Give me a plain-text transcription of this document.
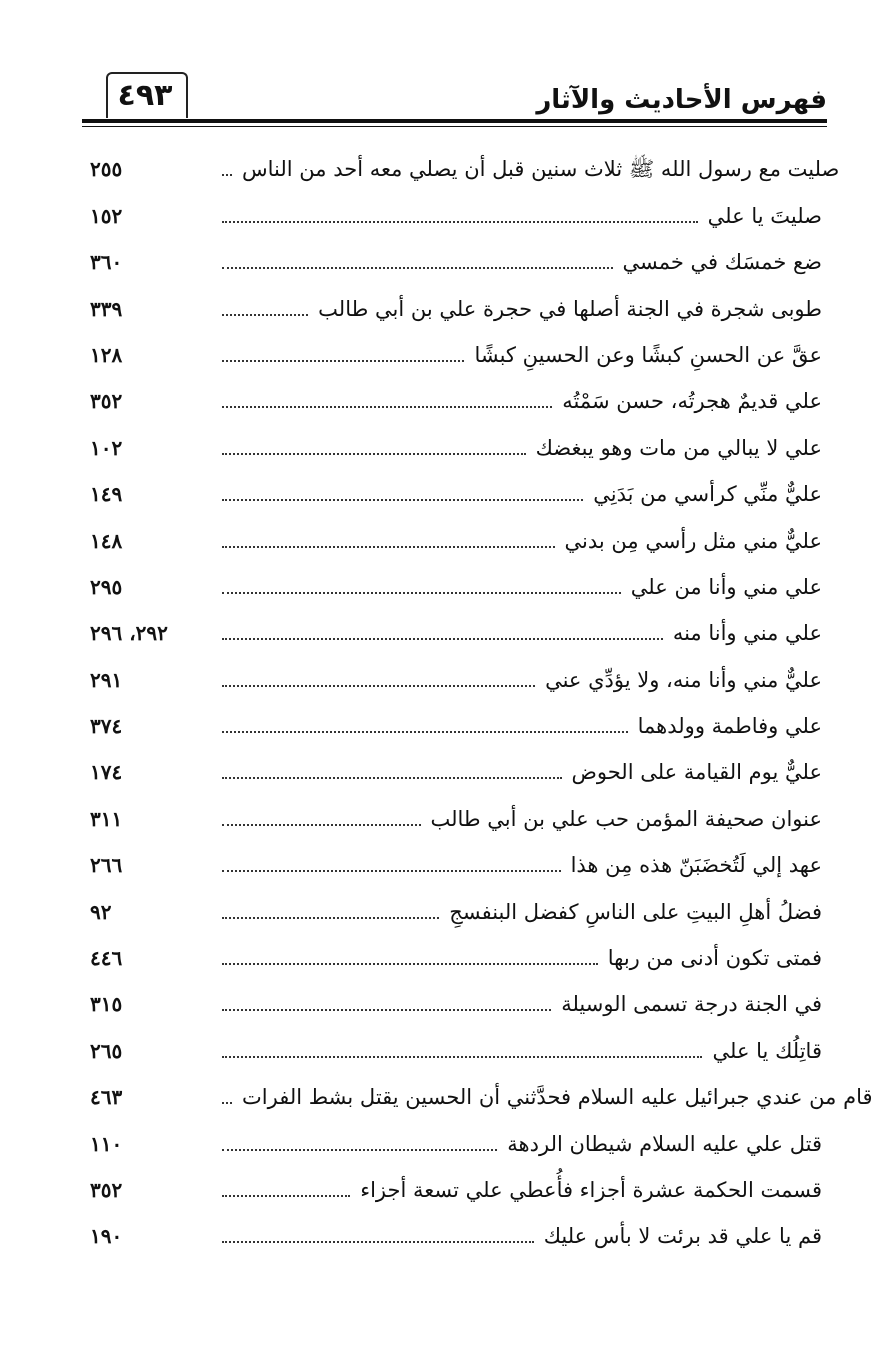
٤٩٣	فهرس الأحاديث والآثار
٢٥٥	صليت مع رسول الله ﷺ ثلاث سنين قبل أن يصلي معه أحد من الناس
١٥٢	صليتَ يا علي
٣٦٠	ضع خمسَك في خمسي
٣٣٩	طوبى شجرة في الجنة أصلها في حجرة علي بن أبي طالب
١٢٨	عقَّ عن الحسنِ كبشًا وعن الحسينِ كبشًا
٣٥٢	علي قديمٌ هجرتُه، حسن سَمْتُه
١٠٢	علي لا يبالي من مات وهو يبغضك
١٤٩	عليٌّ منِّي كرأسي من بَدَنِي
١٤٨	عليٌّ مني مثل رأسي مِن بدني
٢٩٥	علي مني وأنا من علي
٢٩٢، ٢٩٦	علي مني وأنا منه
٢٩١	عليٌّ مني وأنا منه، ولا يؤدِّي عني
٣٧٤	علي وفاطمة وولدهما
١٧٤	عليٌّ يوم القيامة على الحوض
٣١١	عنوان صحيفة المؤمن حب علي بن أبي طالب
٢٦٦	عهد إلي لَتُخضَبَنّ هذه مِن هذا
٩٢	فضلُ أهلِ البيتِ على الناسِ كفضل البنفسجِ
٤٤٦	فمتى تكون أدنى من ربها
٣١٥	في الجنة درجة تسمى الوسيلة
٢٦٥	قاتِلُك يا علي
٤٦٣	قام من عندي جبرائيل عليه السلام فحدَّثني أن الحسين يقتل بشط الفرات
١١٠	قتل علي عليه السلام شيطان الردهة
٣٥٢	قسمت الحكمة عشرة أجزاء فأُعطي علي تسعة أجزاء
١٩٠	قم يا علي قد برئت لا بأس عليك
